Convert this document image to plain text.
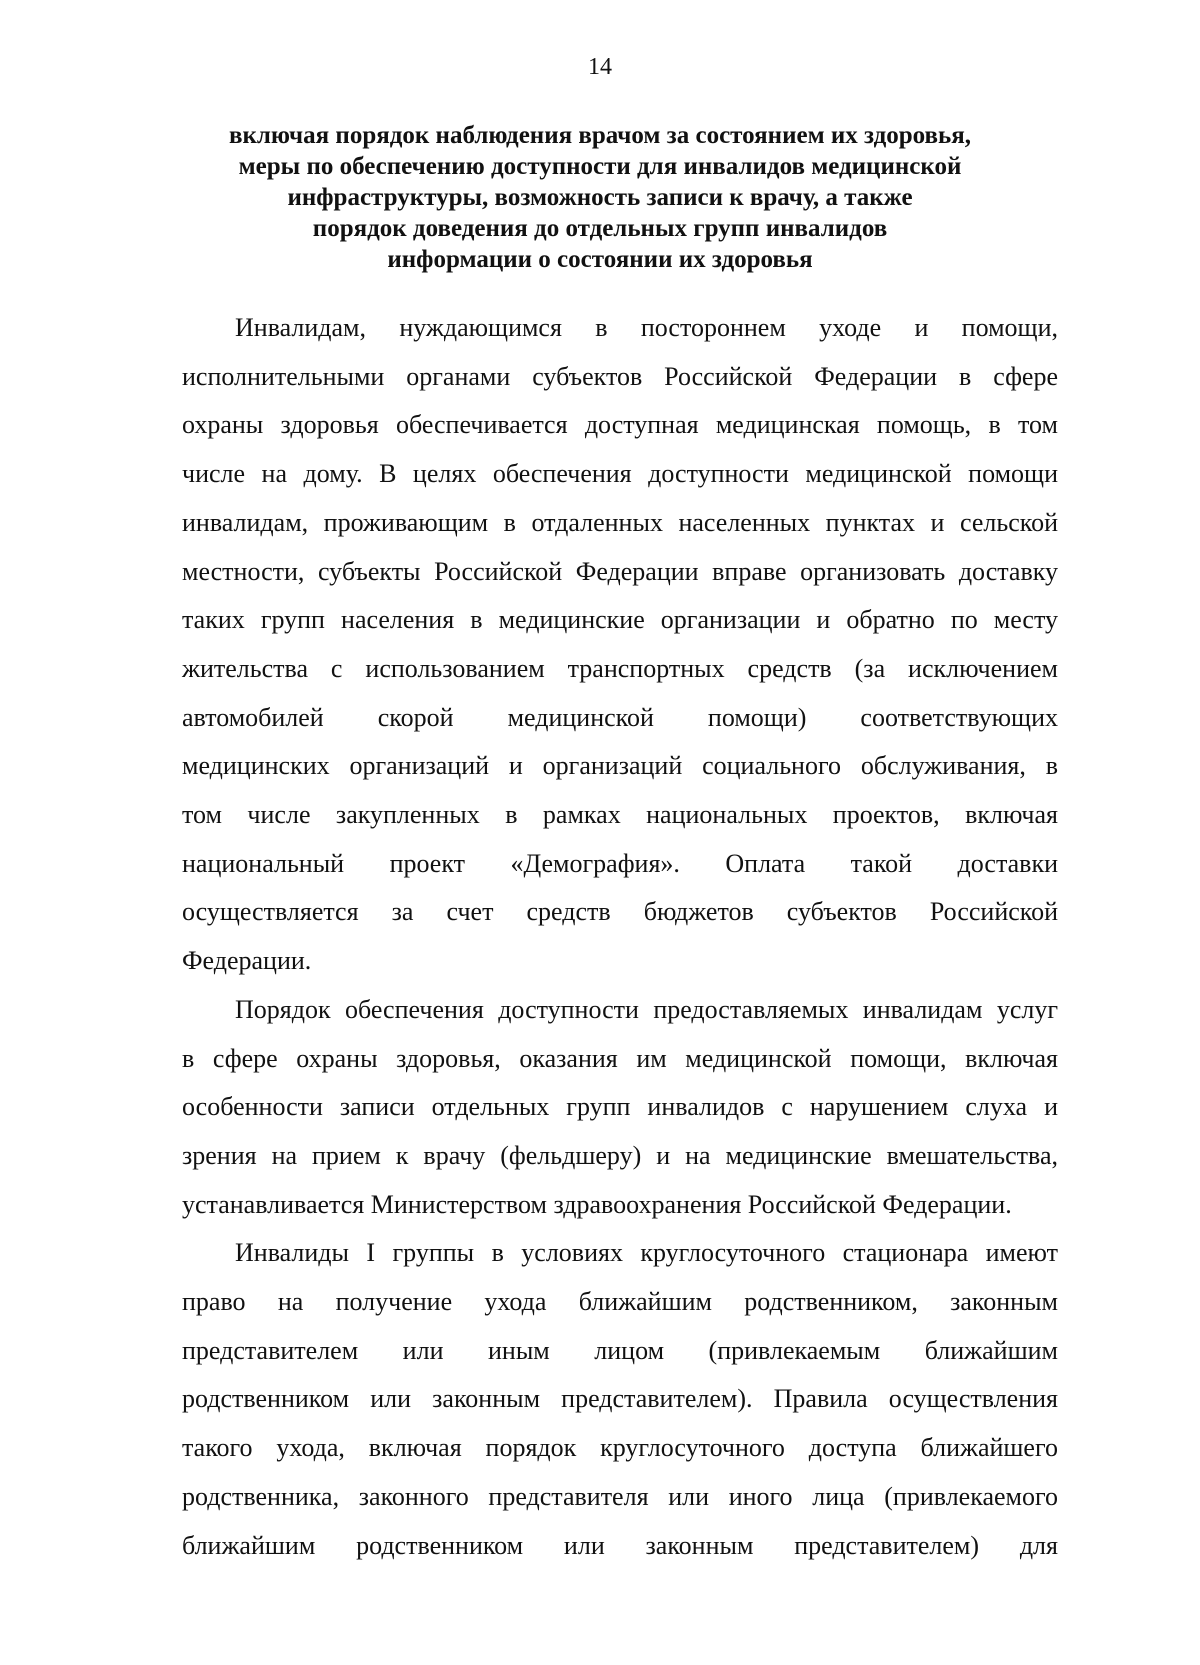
14
включая порядок наблюдения врачом за состоянием их здоровья,
меры по обеспечению доступности для инвалидов медицинской
инфраструктуры, возможность записи к врачу, а также
порядок доведения до отдельных групп инвалидов
информации о состоянии их здоровья

Инвалидам, нуждающимся в постороннем уходе и помощи,
исполнительными органами субъектов Российской Федерации в сфере
охраны здоровья обеспечивается доступная медицинская помощь, в том
числе на дому. В целях обеспечения доступности медицинской помощи
инвалидам, проживающим в отдаленных населенных пунктах и сельской
местности, субъекты Российской Федерации вправе организовать доставку
таких групп населения в медицинские организации и обратно по месту
жительства с использованием транспортных средств (за исключением
автомобилей скорой медицинской помощи) соответствующих
медицинских организаций и организаций социального обслуживания, в
том числе закупленных в рамках национальных проектов, включая
национальный проект «Демография». Оплата такой доставки
осуществляется за счет средств бюджетов субъектов Российской
Федерации.

Порядок обеспечения доступности предоставляемых инвалидам услуг
в сфере охраны здоровья, оказания им медицинской помощи, включая
особенности записи отдельных групп инвалидов с нарушением слуха и
зрения на прием к врачу (фельдшеру) и на медицинские вмешательства,
устанавливается Министерством здравоохранения Российской Федерации.

Инвалиды I группы в условиях круглосуточного стационара имеют
право на получение ухода ближайшим родственником, законным
представителем или иным лицом (привлекаемым ближайшим
родственником или законным представителем). Правила осуществления
такого ухода, включая порядок круглосуточного доступа ближайшего
родственника, законного представителя или иного лица (привлекаемого
ближайшим родственником или законным представителем) для
